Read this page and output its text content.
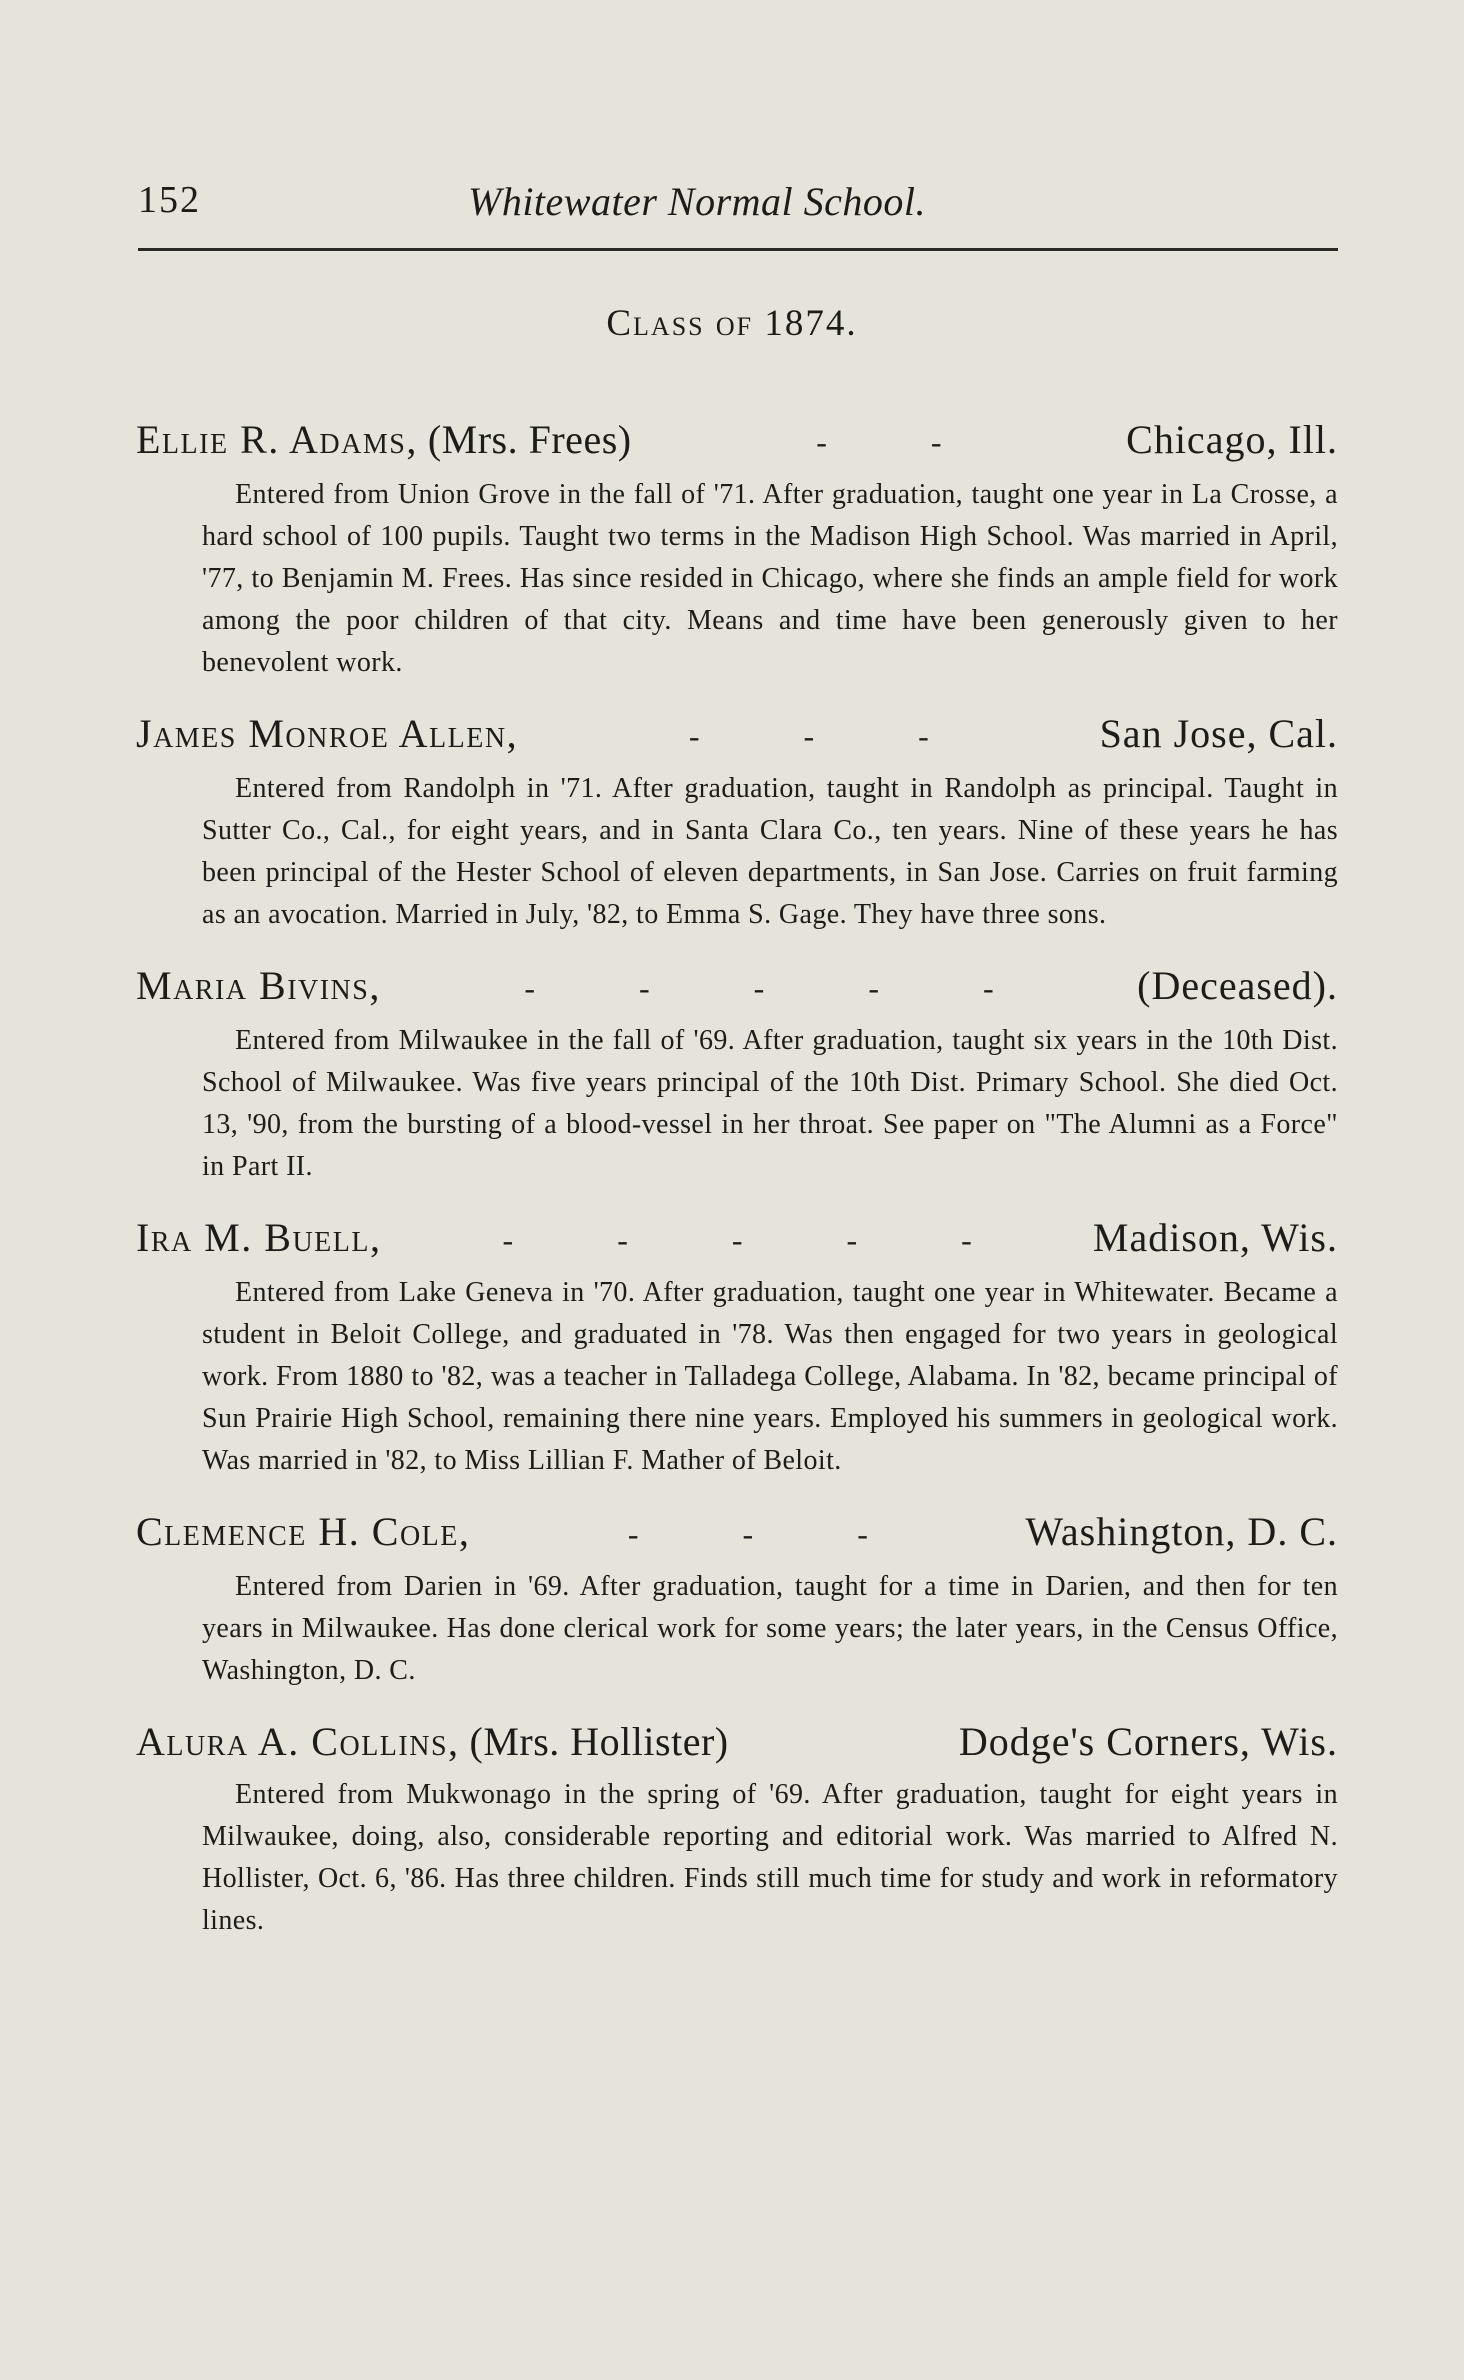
152	Whitewater Normal School.
Class of 1874.
Ellie R. Adams, (Mrs. Frees)	- -	Chicago, Ill.
Entered from Union Grove in the fall of '71. After graduation, taught one year in La Crosse, a hard school of 100 pupils. Taught two terms in the Madison High School. Was married in April, '77, to Benjamin M. Frees. Has since resided in Chicago, where she finds an ample field for work among the poor children of that city. Means and time have been generously given to her benevolent work.
James Monroe Allen,	- - -	San Jose, Cal.
Entered from Randolph in '71. After graduation, taught in Randolph as principal. Taught in Sutter Co., Cal., for eight years, and in Santa Clara Co., ten years. Nine of these years he has been principal of the Hester School of eleven departments, in San Jose. Carries on fruit farming as an avocation. Married in July, '82, to Emma S. Gage. They have three sons.
Maria Bivins,	- - - - -	(Deceased).
Entered from Milwaukee in the fall of '69. After graduation, taught six years in the 10th Dist. School of Milwaukee. Was five years principal of the 10th Dist. Primary School. She died Oct. 13, '90, from the bursting of a blood-vessel in her throat. See paper on "The Alumni as a Force" in Part II.
Ira M. Buell,	- - - - -	Madison, Wis.
Entered from Lake Geneva in '70. After graduation, taught one year in Whitewater. Became a student in Beloit College, and graduated in '78. Was then engaged for two years in geological work. From 1880 to '82, was a teacher in Talladega College, Alabama. In '82, became principal of Sun Prairie High School, remaining there nine years. Employed his summers in geological work. Was married in '82, to Miss Lillian F. Mather of Beloit.
Clemence H. Cole,	- - -	Washington, D. C.
Entered from Darien in '69. After graduation, taught for a time in Darien, and then for ten years in Milwaukee. Has done clerical work for some years; the later years, in the Census Office, Washington, D. C.
Alura A. Collins, (Mrs. Hollister)	Dodge's Corners, Wis.
Entered from Mukwonago in the spring of '69. After graduation, taught for eight years in Milwaukee, doing, also, considerable reporting and editorial work. Was married to Alfred N. Hollister, Oct. 6, '86. Has three children. Finds still much time for study and work in reformatory lines.
